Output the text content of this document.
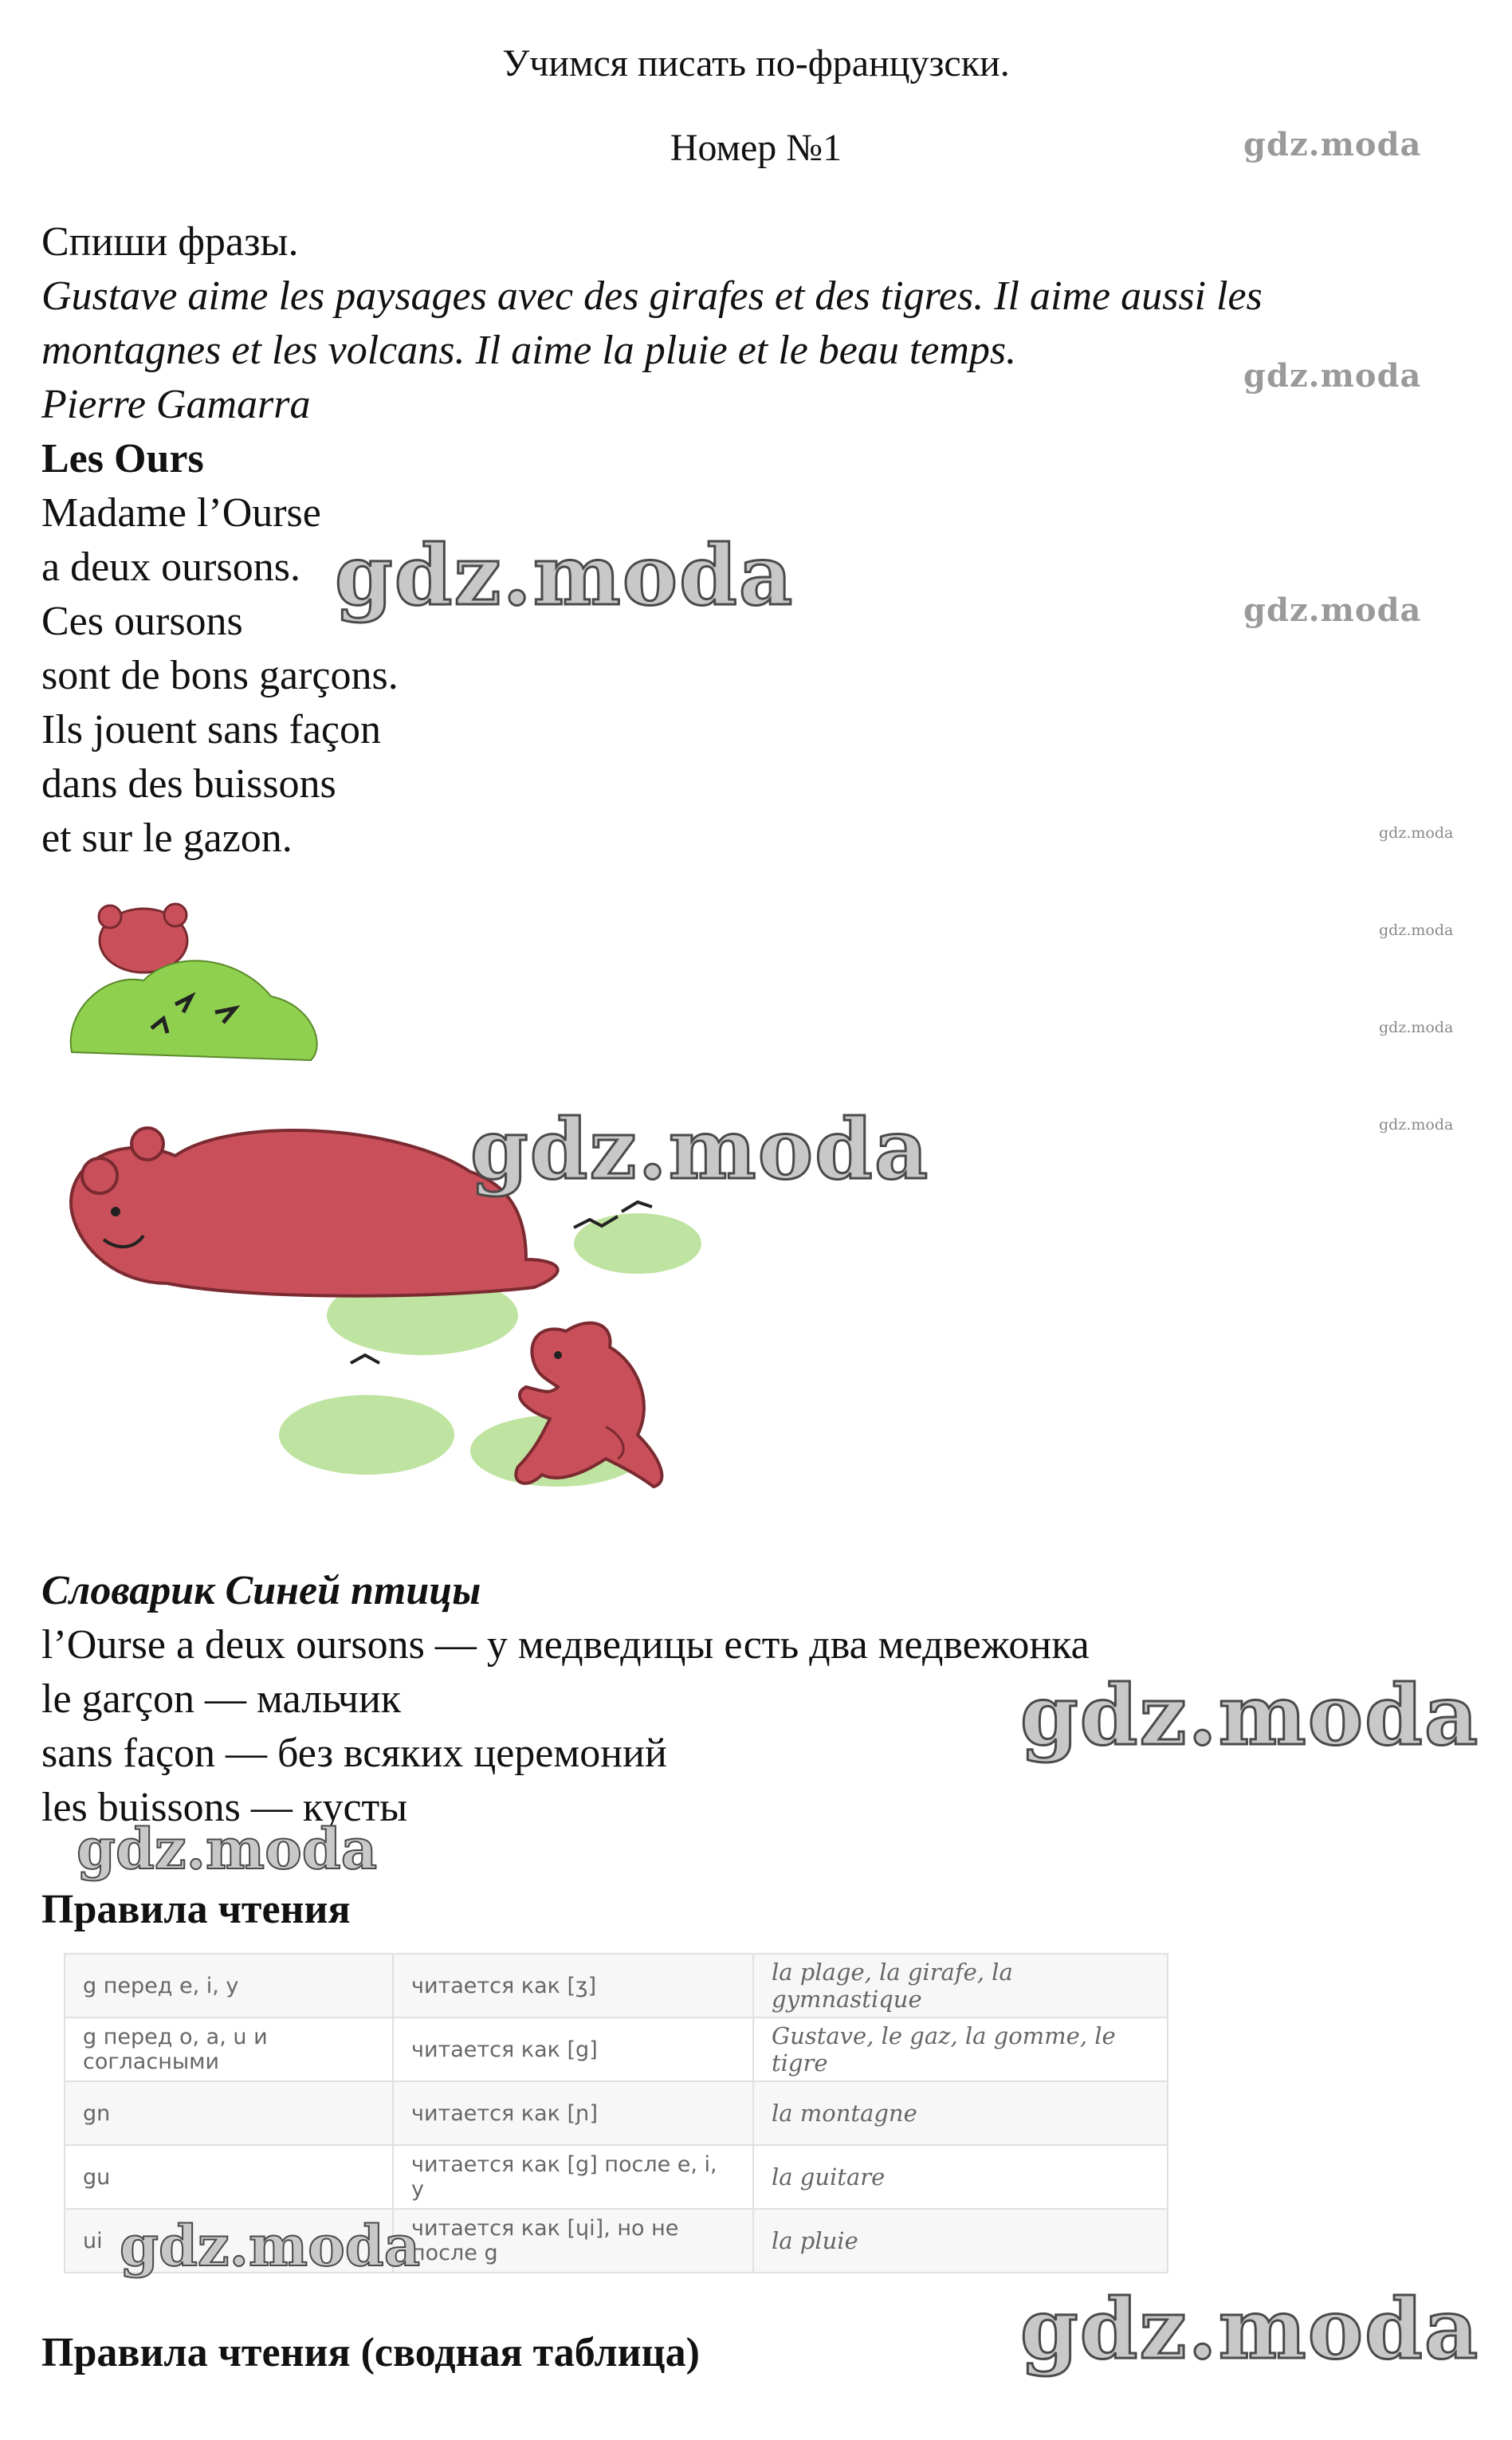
Учимся писать по-французски.
Номер №1
Спиши фразы.
Gustave aime les paysages avec des girafes et des tigres. Il aime aussi les
montagnes et les volcans. Il aime la pluie et le beau temps.
Pierre Gamarra
Les Ours
Madame l’Ourse
a deux oursons.
Ces oursons
sont de bons garçons.
Ils jouent sans façon
dans des buissons
et sur le gazon.
Словарик Синей птицы
l’Ourse a deux oursons — у медведицы есть два медвежонка
le garçon — мальчик
sans façon — без всяких церемоний
les buissons — кусты
Правила чтения
g перед e, i, y	читается как [ʒ]	la plage, la girafe, la gymnastique
g перед o, a, u и согласными	читается как [g]	Gustave, le gaz, la gomme, le tigre
gn	читается как [ɲ]	la montagne
gu	читается как [g] после e, i, y	la guitare
ui	читается как [ɥi], но не после g	la pluie
Правила чтения (сводная таблица)
gdz.moda
gdz.moda
gdz.moda
gdz.moda
gdz.moda
gdz.moda
gdz.moda
gdz.moda
gdz.moda
gdz.moda
gdz.moda
gdz.moda
gdz.moda
